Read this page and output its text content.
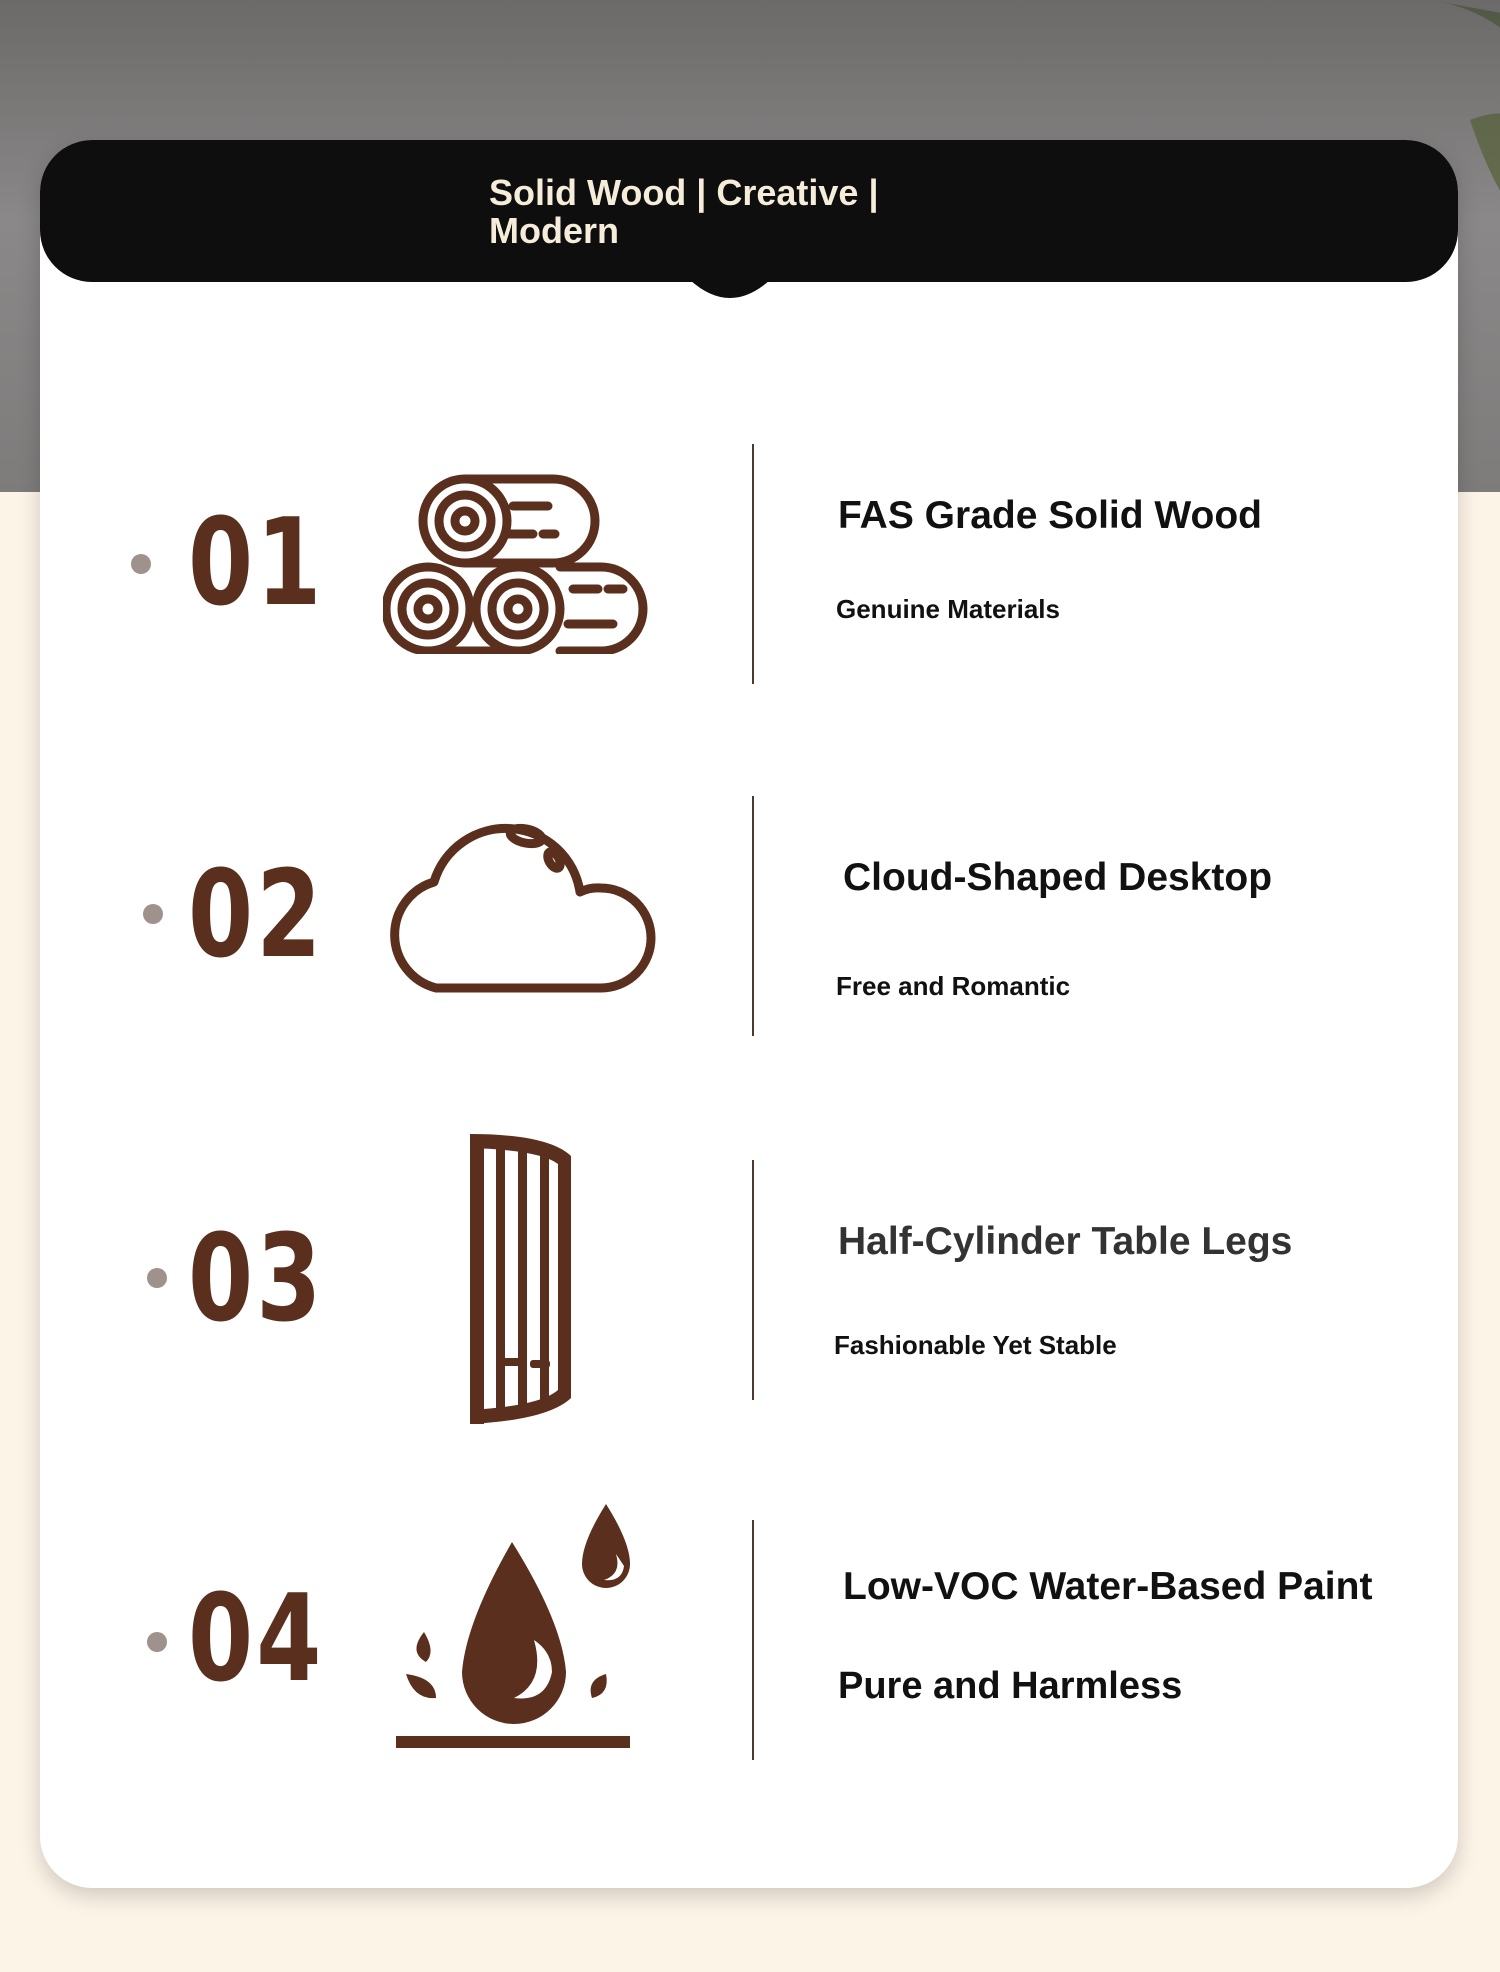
Solid Wood | Creative | Modern
01	FAS Grade Solid Wood
Genuine Materials
02	Cloud-Shaped Desktop
Free and Romantic
03	Half-Cylinder Table Legs
Fashionable Yet Stable
04	Low-VOC Water-Based Paint
Pure and Harmless
